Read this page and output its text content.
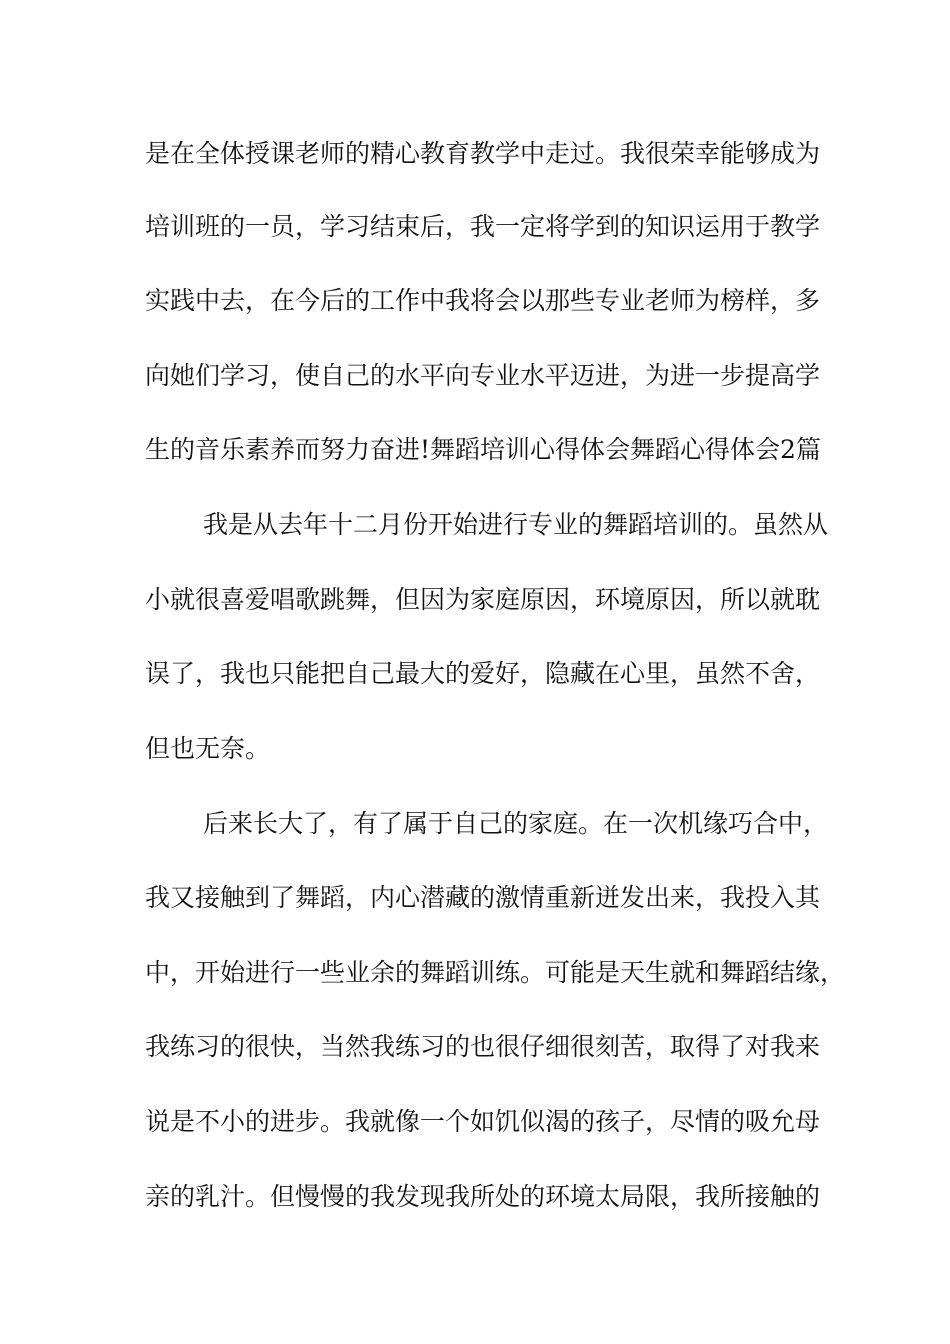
是在全体授课老师的精心教育教学中走过。我很荣幸能够成为
培训班的一员，学习结束后，我一定将学到的知识运用于教学
实践中去，在今后的工作中我将会以那些专业老师为榜样，多
向她们学习，使自己的水平向专业水平迈进，为进一步提高学
生的音乐素养而努力奋进!舞蹈培训心得体会舞蹈心得体会2篇
我是从去年十二月份开始进行专业的舞蹈培训的。虽然从
小就很喜爱唱歌跳舞，但因为家庭原因，环境原因，所以就耽
误了，我也只能把自己最大的爱好，隐藏在心里，虽然不舍，
但也无奈。
后来长大了，有了属于自己的家庭。在一次机缘巧合中，
我又接触到了舞蹈，内心潜藏的激情重新迸发出来，我投入其
中，开始进行一些业余的舞蹈训练。可能是天生就和舞蹈结缘，
我练习的很快，当然我练习的也很仔细很刻苦，取得了对我来
说是不小的进步。我就像一个如饥似渴的孩子，尽情的吸允母
亲的乳汁。但慢慢的我发现我所处的环境太局限，我所接触的
